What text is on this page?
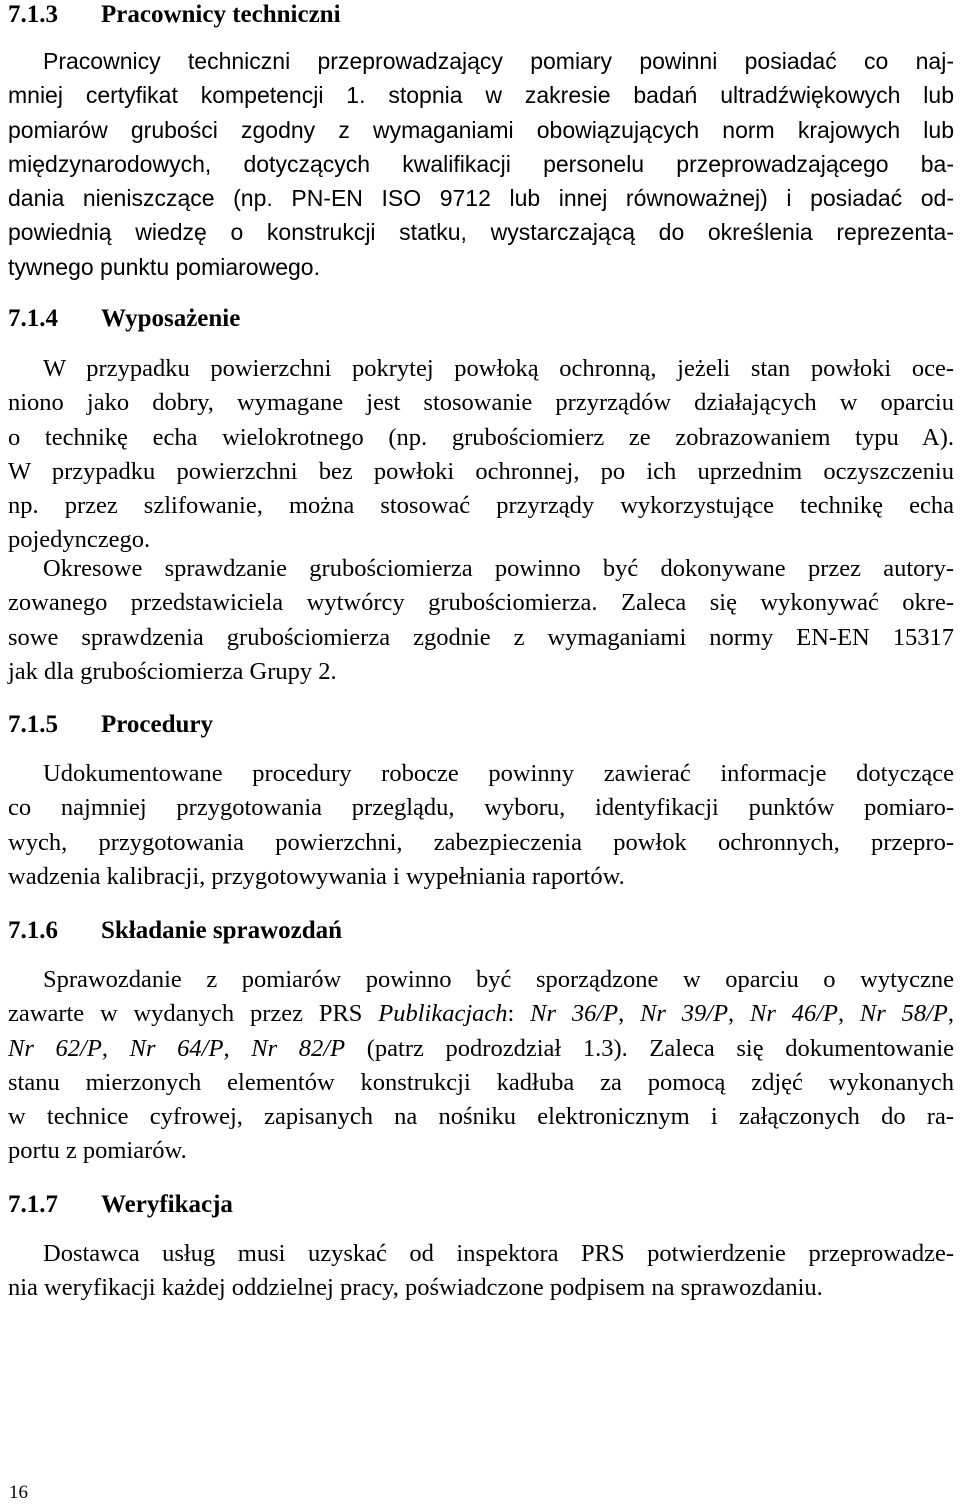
7.1.3	Pracownicy techniczni
Pracownicy techniczni przeprowadzający pomiary powinni posiadać co naj-
mniej certyfikat kompetencji 1. stopnia w zakresie badań ultradźwiękowych lub
pomiarów grubości zgodny z wymaganiami obowiązujących norm krajowych lub
międzynarodowych, dotyczących kwalifikacji personelu przeprowadzającego ba-
dania nieniszczące (np. PN-EN ISO 9712 lub innej równoważnej) i posiadać od-
powiednią wiedzę o konstrukcji statku, wystarczającą do określenia reprezenta-
tywnego punktu pomiarowego.
7.1.4	Wyposażenie
W przypadku powierzchni pokrytej powłoką ochronną, jeżeli stan powłoki oce-
niono jako dobry, wymagane jest stosowanie przyrządów działających w oparciu
o technikę echa wielokrotnego (np. grubościomierz ze zobrazowaniem typu A).
W przypadku powierzchni bez powłoki ochronnej, po ich uprzednim oczyszczeniu
np. przez szlifowanie, można stosować przyrządy wykorzystujące technikę echa
pojedynczego.
Okresowe sprawdzanie grubościomierza powinno być dokonywane przez autory-
zowanego przedstawiciela wytwórcy grubościomierza. Zaleca się wykonywać okre-
sowe sprawdzenia grubościomierza zgodnie z wymaganiami normy EN-EN 15317
jak dla grubościomierza Grupy 2.
7.1.5	Procedury
Udokumentowane procedury robocze powinny zawierać informacje dotyczące
co najmniej przygotowania przeglądu, wyboru, identyfikacji punktów pomiaro-
wych, przygotowania powierzchni, zabezpieczenia powłok ochronnych, przepro-
wadzenia kalibracji, przygotowywania i wypełniania raportów.
7.1.6	Składanie sprawozdań
Sprawozdanie z pomiarów powinno być sporządzone w oparciu o wytyczne
zawarte w wydanych przez PRS Publikacjach: Nr 36/P, Nr 39/P, Nr 46/P, Nr 58/P,
Nr 62/P, Nr 64/P, Nr 82/P (patrz podrozdział 1.3). Zaleca się dokumentowanie
stanu mierzonych elementów konstrukcji kadłuba za pomocą zdjęć wykonanych
w technice cyfrowej, zapisanych na nośniku elektronicznym i załączonych do ra-
portu z pomiarów.
7.1.7	Weryfikacja
Dostawca usług musi uzyskać od inspektora PRS potwierdzenie przeprowadze-
nia weryfikacji każdej oddzielnej pracy, poświadczone podpisem na sprawozdaniu.
16
